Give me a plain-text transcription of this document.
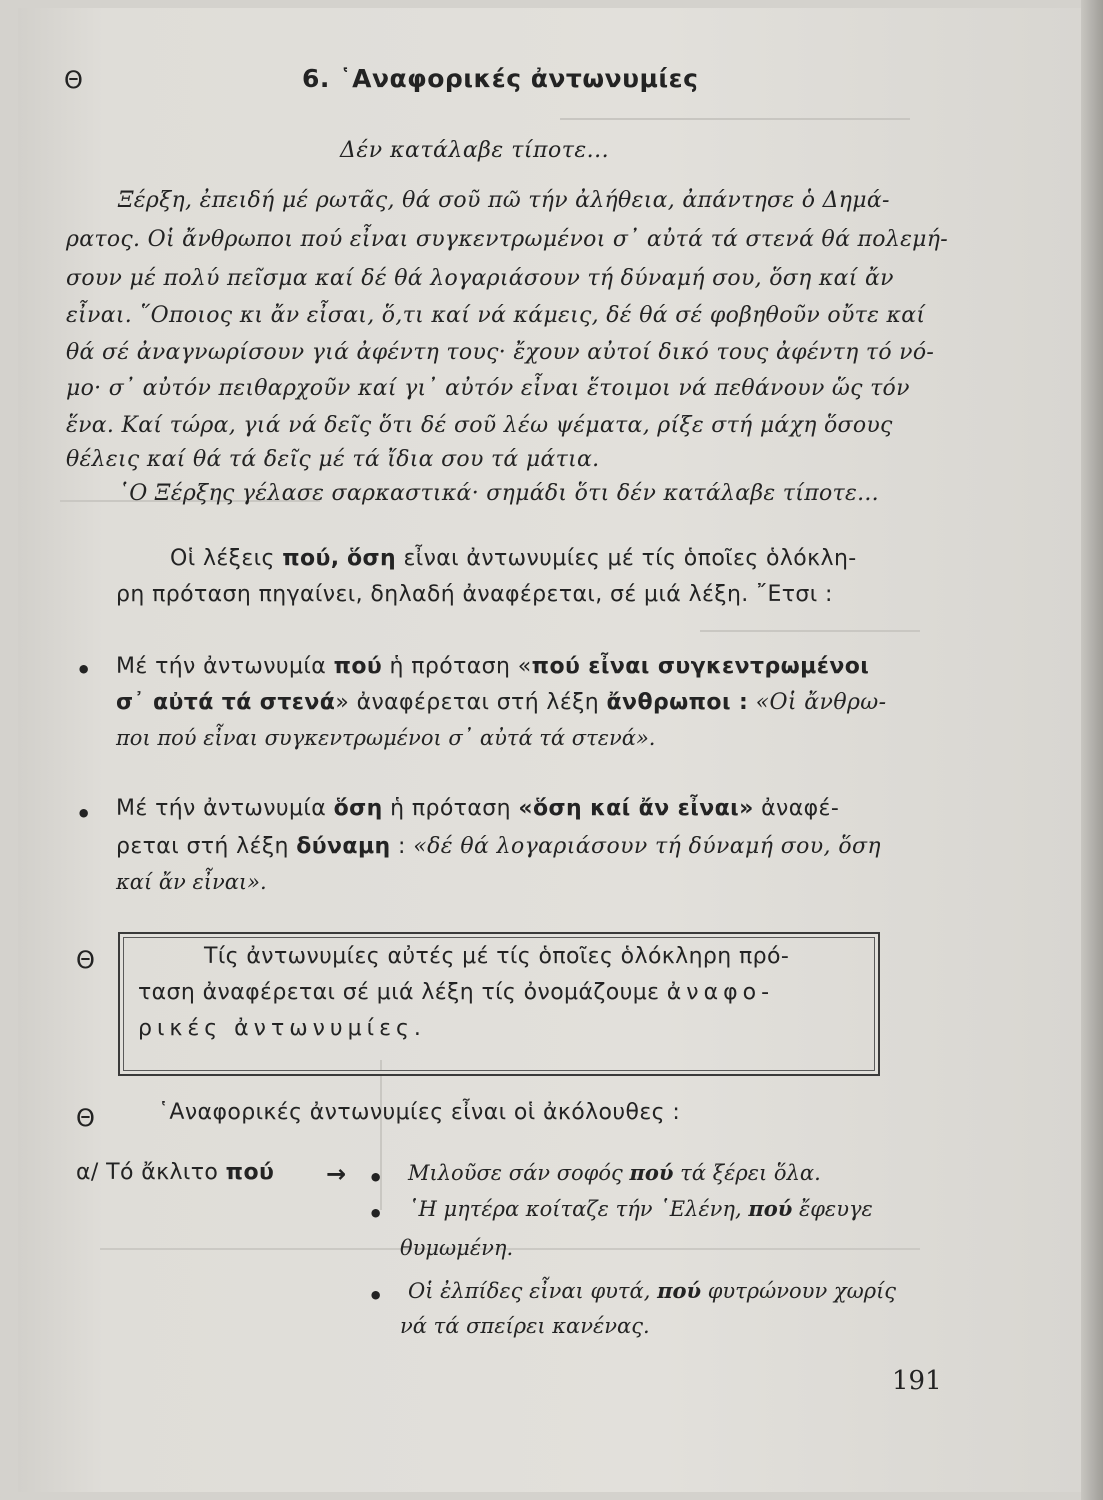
Θ	6. ῾Αναφορικές ἀντωνυμίες
Δέν κατάλαβε τίποτε...
Ξέρξη, ἐπειδή μέ ρωτᾶς, θά σοῦ πῶ τήν ἀλήθεια, ἀπάντησε ὁ Δημά-
ρατος. Οἱ ἄνθρωποι πού εἶναι συγκεντρωμένοι σ᾿ αὐτά τά στενά θά πολεμή-
σουν μέ πολύ πεῖσμα καί δέ θά λογαριάσουν τή δύναμή σου, ὅση καί ἄν
εἶναι. ῞Οποιος κι ἄν εἶσαι, ὅ,τι καί νά κάμεις, δέ θά σέ φοβηθοῦν οὔτε καί
θά σέ ἀναγνωρίσουν γιά ἀφέντη τους· ἔχουν αὐτοί δικό τους ἀφέντη τό νό-
μο· σ᾿ αὐτόν πειθαρχοῦν καί γι᾿ αὐτόν εἶναι ἕτοιμοι νά πεθάνουν ὥς τόν
ἕνα. Καί τώρα, γιά νά δεῖς ὅτι δέ σοῦ λέω ψέματα, ρίξε στή μάχη ὅσους
θέλεις καί θά τά δεῖς μέ τά ἴδια σου τά μάτια.
῾Ο Ξέρξης γέλασε σαρκαστικά· σημάδι ὅτι δέν κατάλαβε τίποτε...
Οἱ λέξεις πού, ὅση εἶναι ἀντωνυμίες μέ τίς ὁποῖες ὁλόκλη-
ρη πρόταση πηγαίνει, δηλαδή ἀναφέρεται, σέ μιά λέξη. ῎Ετσι :
• Μέ τήν ἀντωνυμία πού ἡ πρόταση «πού εἶναι συγκεντρωμένοι
σ᾿ αὐτά τά στενά» ἀναφέρεται στή λέξη ἄνθρωποι : «Οἱ ἄνθρω-
ποι πού εἶναι συγκεντρωμένοι σ᾿ αὐτά τά στενά».
• Μέ τήν ἀντωνυμία ὅση ἡ πρόταση «ὅση καί ἄν εἶναι» ἀναφέ-
ρεται στή λέξη δύναμη : «δέ θά λογαριάσουν τή δύναμή σου, ὅση
καί ἄν εἶναι».
Θ	Τίς ἀντωνυμίες αὐτές μέ τίς ὁποῖες ὁλόκληρη πρό-
ταση ἀναφέρεται σέ μιά λέξη τίς ὀνομάζουμε ἀναφο-
ρικές ἀντωνυμίες.
Θ	῾Αναφορικές ἀντωνυμίες εἶναι οἱ ἀκόλουθες :
α/ Τό ἄκλιτο πού → • Μιλοῦσε σάν σοφός πού τά ξέρει ὅλα.
• ῾Η μητέρα κοίταζε τήν ῾Ελένη, πού ἔφευγε
θυμωμένη.
• Οἱ ἐλπίδες εἶναι φυτά, πού φυτρώνουν χωρίς
νά τά σπείρει κανένας.
191
